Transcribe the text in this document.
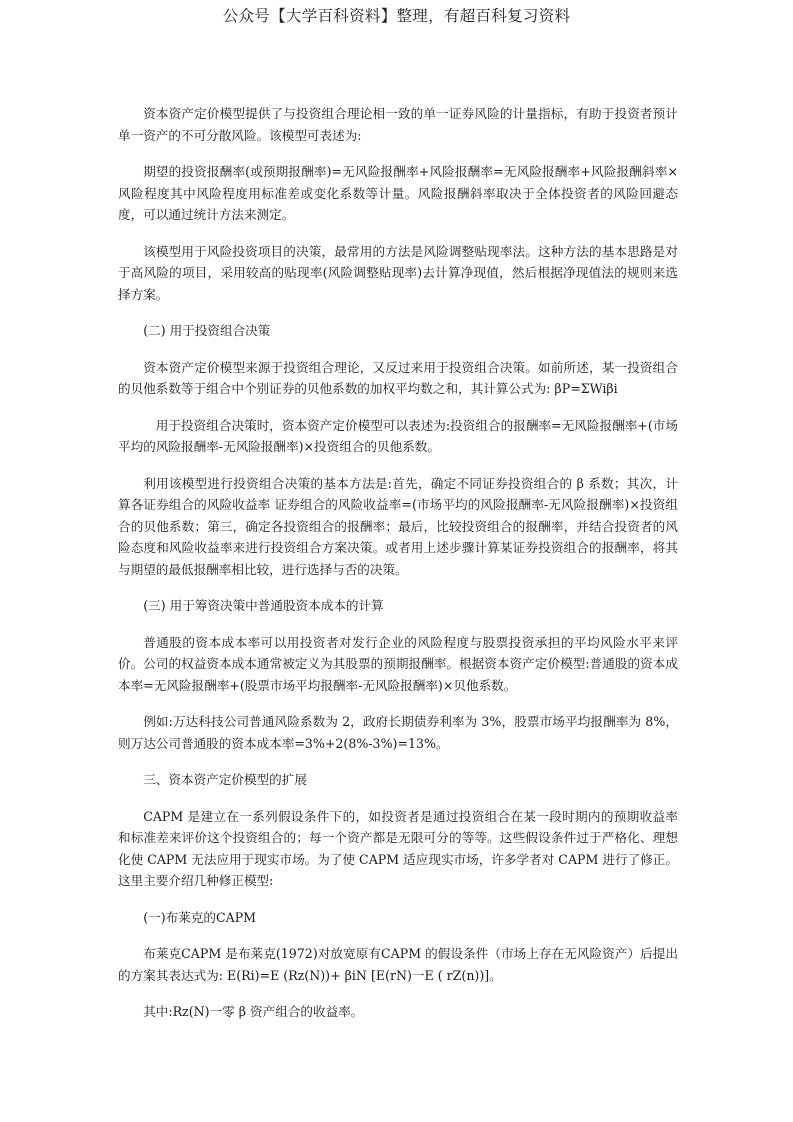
公众号【大学百科资料】整理，有超百科复习资料

资本资产定价模型提供了与投资组合理论相一致的单一证券风险的计量指标，有助于投资者预计单一资产的不可分散风险。该模型可表述为:

期望的投资报酬率(或预期报酬率)=无风险报酬率+风险报酬率=无风险报酬率+风险报酬斜率×风险程度其中风险程度用标准差或变化系数等计量。风险报酬斜率取决于全体投资者的风险回避态度，可以通过统计方法来测定。

该模型用于风险投资项目的决策，最常用的方法是风险调整贴现率法。这种方法的基本思路是对于高风险的项目，采用较高的贴现率(风险调整贴现率)去计算净现值，然后根据净现值法的规则来选择方案。

(二) 用于投资组合决策

资本资产定价模型来源于投资组合理论，又反过来用于投资组合决策。如前所述，某一投资组合的贝他系数等于组合中个别证券的贝他系数的加权平均数之和，其计算公式为: βP=ΣWiβi

用于投资组合决策时，资本资产定价模型可以表述为:投资组合的报酬率=无风险报酬率+(市场平均的风险报酬率-无风险报酬率)×投资组合的贝他系数。

利用该模型进行投资组合决策的基本方法是:首先，确定不同证券投资组合的 β 系数；其次，计算各证券组合的风险收益率 证券组合的风险收益率=(市场平均的风险报酬率-无风险报酬率)×投资组合的贝他系数；第三，确定各投资组合的报酬率；最后，比较投资组合的报酬率，并结合投资者的风险态度和风险收益率来进行投资组合方案决策。或者用上述步骤计算某证券投资组合的报酬率，将其与期望的最低报酬率相比较，进行选择与否的决策。

(三) 用于筹资决策中普通股资本成本的计算

普通股的资本成本率可以用投资者对发行企业的风险程度与股票投资承担的平均风险水平来评价。公司的权益资本成本通常被定义为其股票的预期报酬率。根据资本资产定价模型:普通股的资本成本率=无风险报酬率+(股票市场平均报酬率-无风险报酬率)×贝他系数。

例如:万达科技公司普通风险系数为 2，政府长期债券利率为 3%，股票市场平均报酬率为 8%，则万达公司普通股的资本成本率=3%+2(8%-3%)=13%。

三、资本资产定价模型的扩展

CAPM 是建立在一系列假设条件下的，如投资者是通过投资组合在某一段时期内的预期收益率和标准差来评价这个投资组合的；每一个资产都是无限可分的等等。这些假设条件过于严格化、理想化使 CAPM 无法应用于现实市场。为了使 CAPM 适应现实市场，许多学者对 CAPM 进行了修正。这里主要介绍几种修正模型:

(一)布莱克的CAPM

布莱克CAPM 是布莱克(1972)对放宽原有CAPM 的假设条件（市场上存在无风险资产）后提出的方案其表达式为: E(Ri)=E (Rz(N))+ βiN [E(rN)一E ( rZ(n))]。

其中:Rz(N)一零 β 资产组合的收益率。
